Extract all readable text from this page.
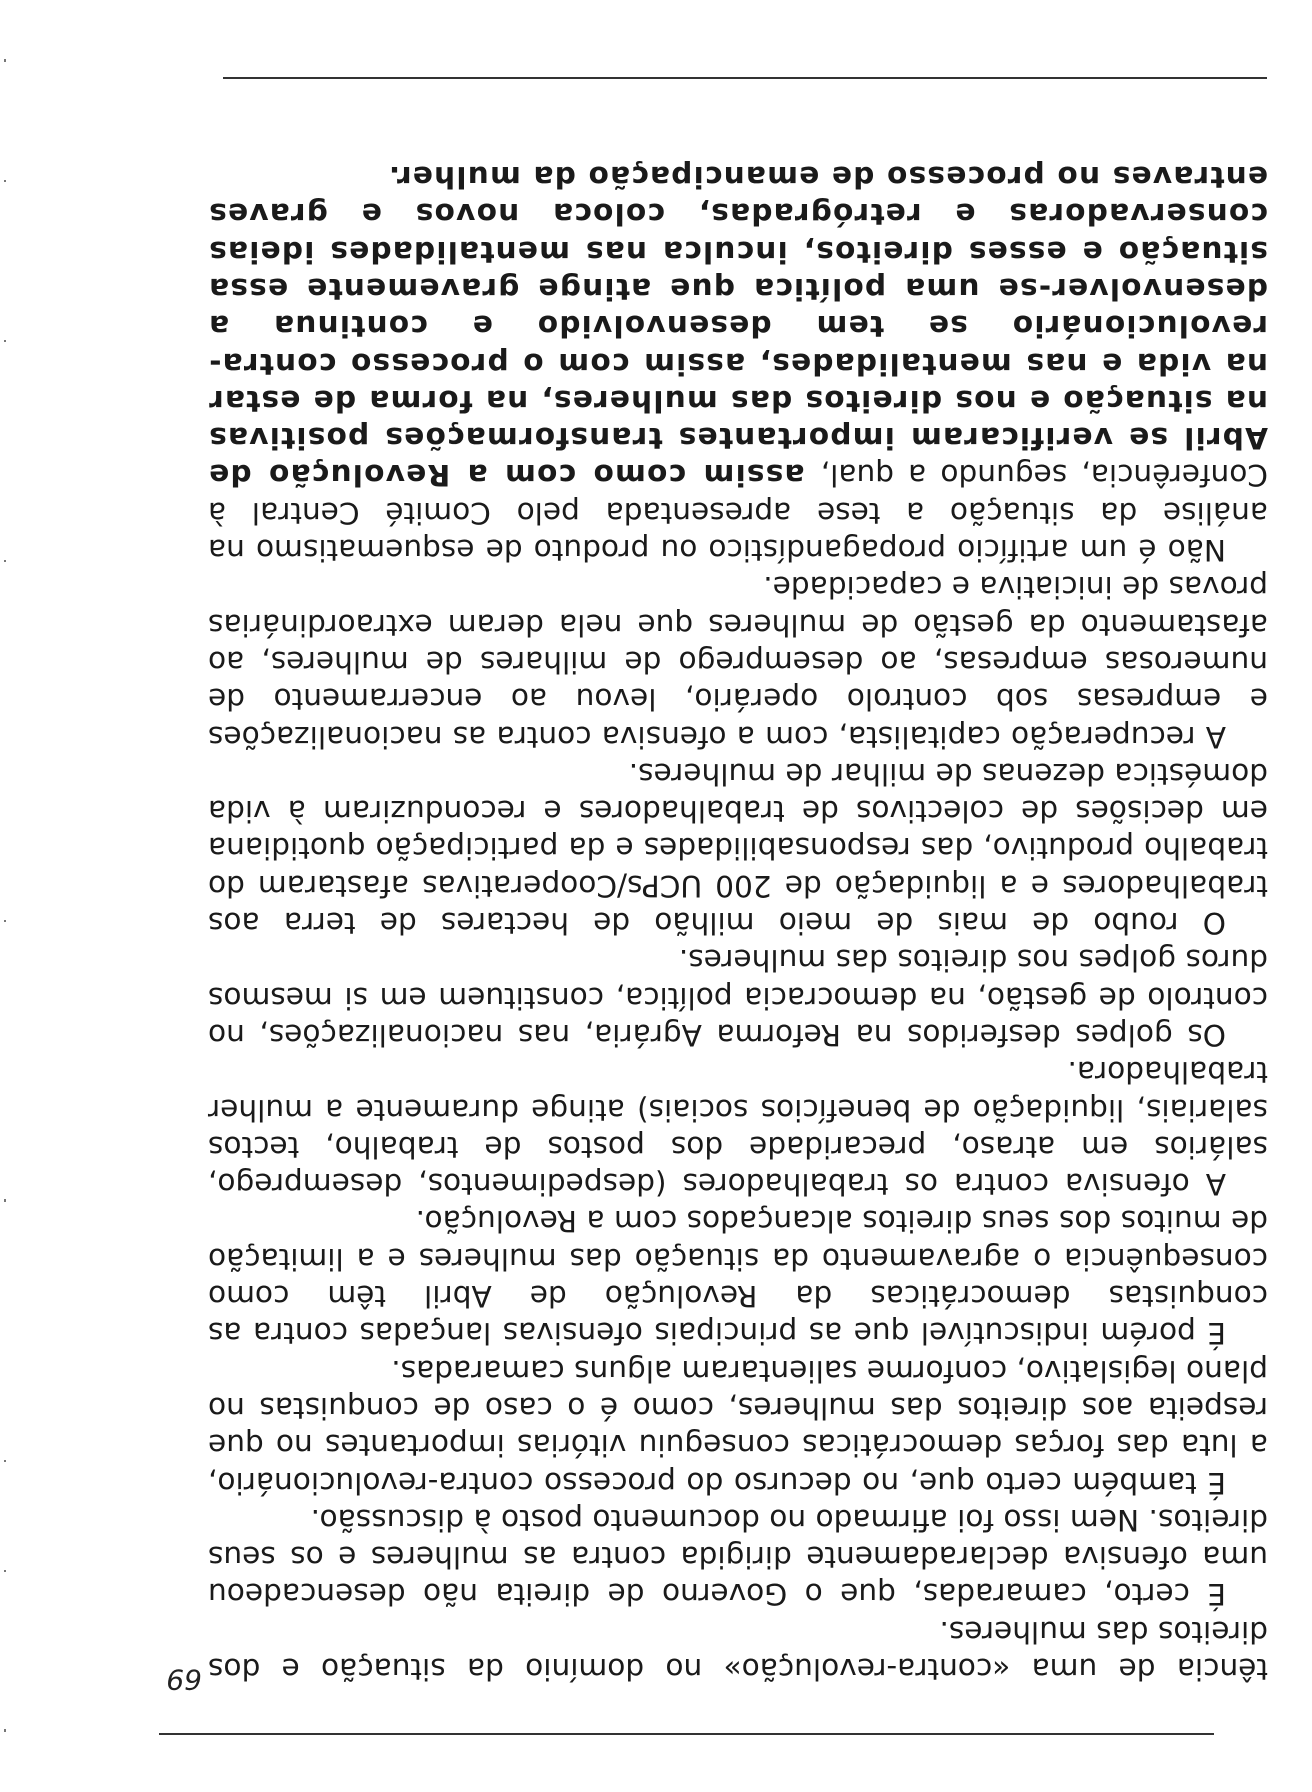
69 tência de uma «contra-revolução» no domínio da situação e dos direitos das mulheres.

É certo, camaradas, que o Governo de direita não desencadeou uma ofensiva declaradamente dirigida contra as mulheres e os seus direitos. Nem isso foi afirmado no documento posto à discussão.

É também certo que, no decurso do processo contra-revolucionário, a luta das forças democráticas conseguiu vitórias importantes no que respeita aos direitos das mulheres, como é o caso de conquistas no plano legislativo, conforme salientaram alguns camaradas.

É porém indiscutível que as principais ofensivas lançadas contra as conquistas democráticas da Revolução de Abril têm como consequência o agravamento da situação das mulheres e a limitação de muitos dos seus direitos alcançados com a Revolução.

A ofensiva contra os trabalhadores (despedimentos, desemprego, salários em atraso, precaridade dos postos de trabalho, tectos salariais, liquidação de benefícios sociais) atinge duramente a mulher trabalhadora.

Os golpes desferidos na Reforma Agrária, nas nacionalizações, no controlo de gestão, na democracia política, constituem em si mesmos duros golpes nos direitos das mulheres.

O roubo de mais de meio milhão de hectares de terra aos trabalhadores e a liquidação de 200 UCPs/Cooperativas afastaram do trabalho produtivo, das responsabilidades e da participação quotidiana em decisões de colectivos de trabalhadores e reconduziram à vida doméstica dezenas de milhar de mulheres.

A recuperação capitalista, com a ofensiva contra as nacionalizações e empresas sob controlo operário, levou ao encerramento de numerosas empresas, ao desemprego de milhares de mulheres, ao afastamento da gestão de mulheres que nela deram extraordinárias provas de iniciativa e capacidade.

Não é um artifício propagandístico ou produto de esquematismo na análise da situação a tese apresentada pelo Comité Central à Conferência, segundo a qual, assim como com a Revolução de Abril se verificaram importantes transformações positivas na situação e nos direitos das mulheres, na forma de estar na vida e nas mentalidades, assim com o processo contra-revolucionário se tem desenvolvido e continua a desenvolver-se uma política que atinge gravemente essa situação e esses direitos, inculca nas mentalidades ideias conservadoras e retrógradas, coloca novos e graves entraves no processo de emancipação da mulher.
